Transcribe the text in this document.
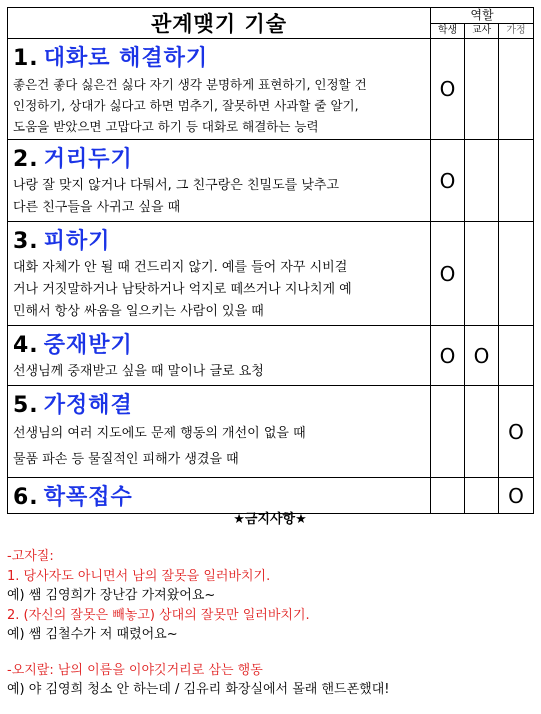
관계맺기 기술	역할		
	학생	교사	가정

1. 대화로 해결하기
좋은건 좋다 싫은건 싫다 자기 생각 분명하게 표현하기, 인정할 건
인정하기, 상대가 싫다고 하면 멈추기, 잘못하면 사과할 줄 알기,
도움을 받았으면 고맙다고 하기 등 대화로 해결하는 능력	O		

2. 거리두기
나랑 잘 맞지 않거나 다퉈서, 그 친구랑은 친밀도를 낮추고
다른 친구들을 사귀고 싶을 때	O		

3. 피하기
대화 자체가 안 될 때 건드리지 않기. 예를 들어 자꾸 시비걸
거나 거짓말하거나 남탓하거나 억지로 떼쓰거나 지나치게 예
민해서 항상 싸움을 일으키는 사람이 있을 때	O		

4. 중재받기
선생님께 중재받고 싶을 때 말이나 글로 요청	O	O	

5. 가정해결
선생님의 여러 지도에도 문제 행동의 개선이 없을 때
물품 파손 등 물질적인 피해가 생겼을 때			O

6. 학폭접수			O
★금지사항★
-고자질:
1. 당사자도 아니면서 남의 잘못을 일러바치기.
예) 쌤 김영희가 장난감 가져왔어요~
2. (자신의 잘못은 빼놓고) 상대의 잘못만 일러바치기.
예) 쌤 김철수가 저 때렸어요~
-오지랖: 남의 이름을 이야깃거리로 삼는 행동
예) 야 김영희 청소 안 하는데 / 김유리 화장실에서 몰래 핸드폰했대!
